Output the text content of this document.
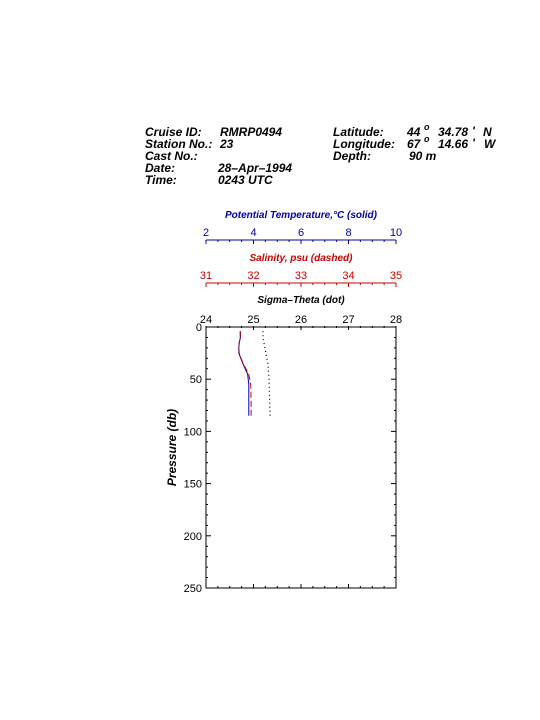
Cruise ID: RMRP0494
Station No.: 23
Cast No.:
Date:	28–Apr–1994
Time:	0243 UTC
Latitude: 44 o 34.78 ' N
Longitude: 67 o 14.66 ' W
Depth:	90 m
Potential Temperature,°C (solid)
2	4	6	8	10
Salinity, psu (dashed)
31	32	33	34	35
Sigma–Theta (dot)
24	25	26	27	28
0
50
100
150
200
250
Pressure (db)
